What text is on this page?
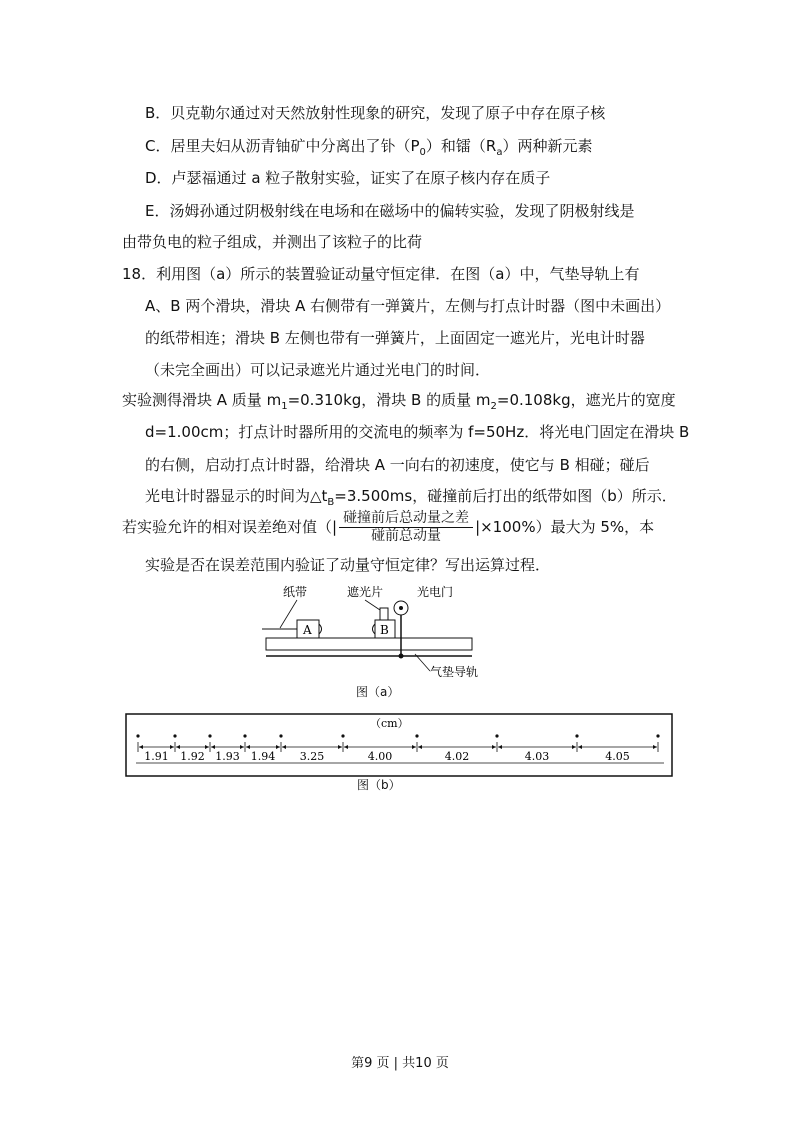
B．贝克勒尔通过对天然放射性现象的研究，发现了原子中存在原子核
C．居里夫妇从沥青铀矿中分离出了钋$(P_0)$和镭$(R_a)$两种新元素
D．卢瑟福通过 a 粒子散射实验，证实了在原子核内存在质子
E．汤姆孙通过阴极射线在电场和在磁场中的偏转实验，发现了阴极射线是
由带负电的粒子组成，并测出了该粒子的比荷
18．利用图（a）所示的装置验证动量守恒定律．在图（a）中，气垫导轨上有
A、B 两个滑块，滑块 A 右侧带有一弹簧片，左侧与打点计时器（图中未画出）
的纸带相连；滑块 B 左侧也带有一弹簧片，上面固定一遮光片，光电计时器
（未完全画出）可以记录遮光片通过光电门的时间．
实验测得滑块 A 质量 $m_1=0.310kg$，滑块 B 的质量 $m_2=0.108kg$，遮光片的宽度
d=1.00cm；打点计时器所用的交流电的频率为 f=50Hz．将光电门固定在滑块 B
的右侧，启动打点计时器，给滑块 A 一向右的初速度，使它与 B 相碰；碰后
光电计时器显示的时间为$\triangle t_B=3.500ms$，碰撞前后打出的纸带如图（b）所示．
若实验允许的相对误差绝对值（| $\frac{\text{碰撞前后总动量之差}}{\text{碰前总动量}} |\times 100\%$）最大为 5%，本
实验是否在误差范围内验证了动量守恒定律？写出运算过程．
纸带	遮光片	光电门
气垫导轨
A	B
图（a）
（cm）
1.91 1.92 1.93 1.94 3.25	4.00	4.02	4.03	4.05
图（b）
第9 页 | 共10 页
